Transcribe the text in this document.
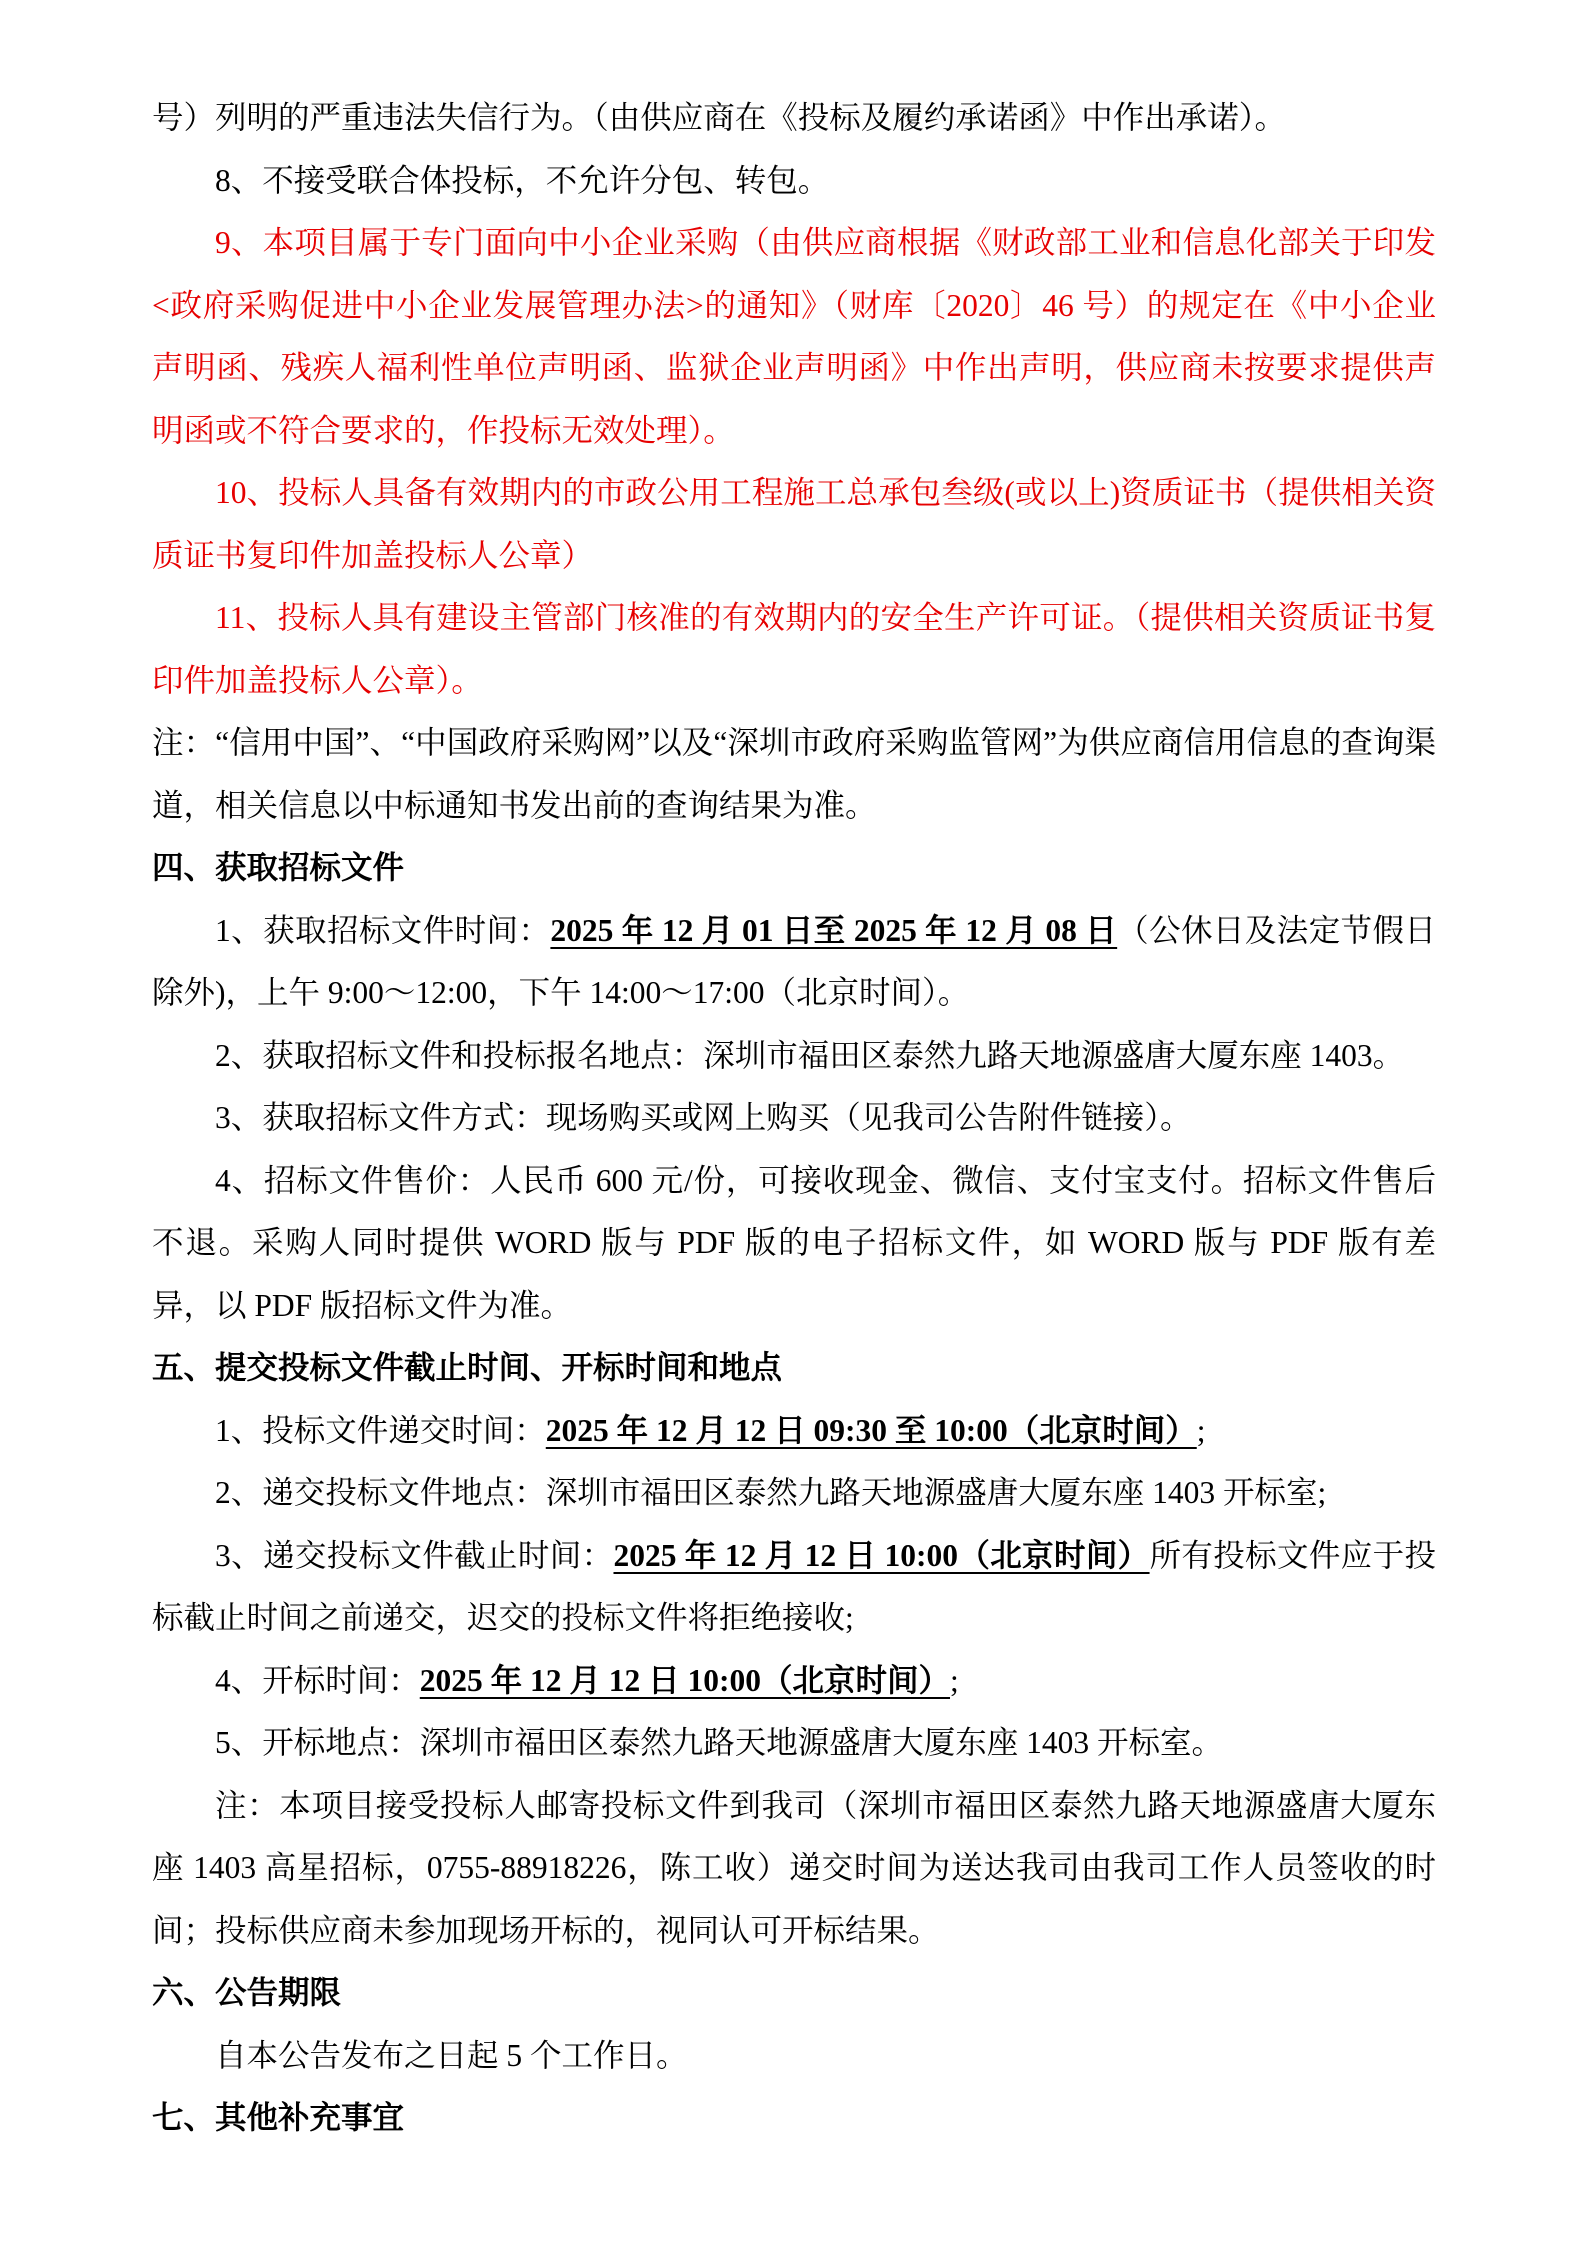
号）列明的严重违法失信行为。（由供应商在《投标及履约承诺函》中作出承诺）。

8、不接受联合体投标，不允许分包、转包。

9、本项目属于专门面向中小企业采购（由供应商根据《财政部工业和信息化部关于印发<政府采购促进中小企业发展管理办法>的通知》（财库〔2020〕46 号）的规定在《中小企业声明函、残疾人福利性单位声明函、监狱企业声明函》中作出声明，供应商未按要求提供声明函或不符合要求的，作投标无效处理）。

10、投标人具备有效期内的市政公用工程施工总承包叁级(或以上)资质证书（提供相关资质证书复印件加盖投标人公章）

11、投标人具有建设主管部门核准的有效期内的安全生产许可证。（提供相关资质证书复印件加盖投标人公章）。

注：“信用中国”、“中国政府采购网”以及“深圳市政府采购监管网”为供应商信用信息的查询渠道，相关信息以中标通知书发出前的查询结果为准。

四、获取招标文件

1、获取招标文件时间：2025 年 12 月 01 日至 2025 年 12 月 08 日（公休日及法定节假日除外)，上午 9:00～12:00，下午 14:00～17:00（北京时间）。

2、获取招标文件和投标报名地点：深圳市福田区泰然九路天地源盛唐大厦东座 1403。

3、获取招标文件方式：现场购买或网上购买（见我司公告附件链接）。

4、招标文件售价：人民币 600 元/份，可接收现金、微信、支付宝支付。招标文件售后不退。采购人同时提供 WORD 版与 PDF 版的电子招标文件，如 WORD 版与 PDF 版有差异，以 PDF 版招标文件为准。

五、提交投标文件截止时间、开标时间和地点

1、投标文件递交时间：2025 年 12 月 12 日 09:30 至 10:00（北京时间）;

2、递交投标文件地点：深圳市福田区泰然九路天地源盛唐大厦东座 1403 开标室;

3、递交投标文件截止时间：2025 年 12 月 12 日 10:00（北京时间）所有投标文件应于投标截止时间之前递交，迟交的投标文件将拒绝接收;

4、开标时间：2025 年 12 月 12 日 10:00（北京时间）;

5、开标地点：深圳市福田区泰然九路天地源盛唐大厦东座 1403 开标室。

注：本项目接受投标人邮寄投标文件到我司（深圳市福田区泰然九路天地源盛唐大厦东座 1403 高星招标，0755-88918226，陈工收）递交时间为送达我司由我司工作人员签收的时间；投标供应商未参加现场开标的，视同认可开标结果。

六、公告期限

自本公告发布之日起 5 个工作日。

七、其他补充事宜
